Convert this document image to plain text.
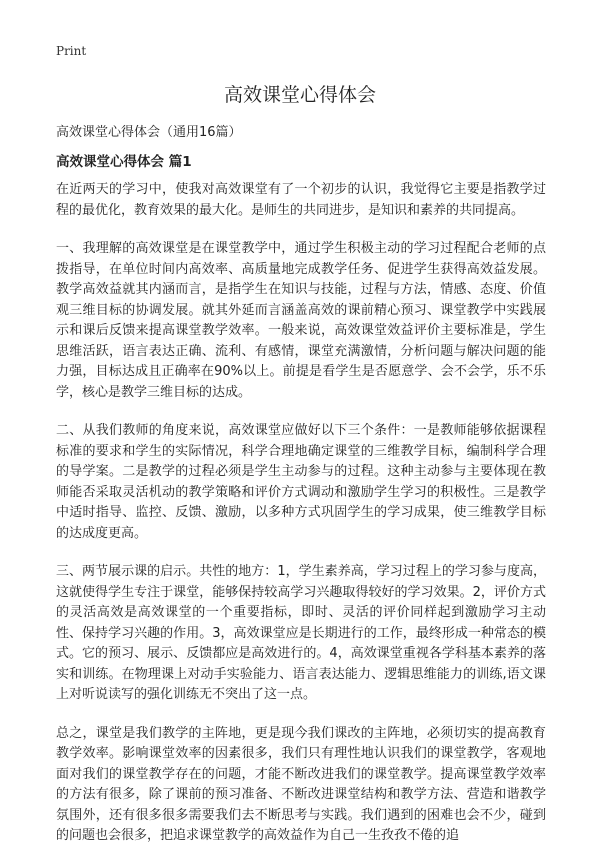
Print
高效课堂心得体会

高效课堂心得体会（通用16篇）

高效课堂心得体会 篇1

在近两天的学习中，使我对高效课堂有了一个初步的认识，我觉得它主要是指教学过程的最优化，教育效果的最大化。是师生的共同进步，是知识和素养的共同提高。

一、我理解的高效课堂是在课堂教学中，通过学生积极主动的学习过程配合老师的点拨指导，在单位时间内高效率、高质量地完成教学任务、促进学生获得高效益发展。教学高效益就其内涵而言，是指学生在知识与技能，过程与方法，情感、态度、价值观三维目标的协调发展。就其外延而言涵盖高效的课前精心预习、课堂教学中实践展示和课后反馈来提高课堂教学效率。一般来说，高效课堂效益评价主要标准是，学生思维活跃，语言表达正确、流利、有感情，课堂充满激情，分析问题与解决问题的能力强，目标达成且正确率在90%以上。前提是看学生是否愿意学、会不会学，乐不乐学，核心是教学三维目标的达成。

二、从我们教师的角度来说，高效课堂应做好以下三个条件：一是教师能够依据课程标准的要求和学生的实际情况，科学合理地确定课堂的三维教学目标，编制科学合理的导学案。二是教学的过程必须是学生主动参与的过程。这种主动参与主要体现在教师能否采取灵活机动的教学策略和评价方式调动和激励学生学习的积极性。三是教学中适时指导、监控、反馈、激励，以多种方式巩固学生的学习成果，使三维教学目标的达成度更高。

三、两节展示课的启示。共性的地方：1，学生素养高，学习过程上的学习参与度高，这就使得学生专注于课堂，能够保持较高学习兴趣取得较好的学习效果。2，评价方式的灵活高效是高效课堂的一个重要指标，即时、灵活的评价同样起到激励学习主动性、保持学习兴趣的作用。3，高效课堂应是长期进行的工作，最终形成一种常态的模式。它的预习、展示、反馈都应是高效进行的。4，高效课堂重视各学科基本素养的落实和训练。在物理课上对动手实验能力、语言表达能力、逻辑思维能力的训练,语文课上对听说读写的强化训练无不突出了这一点。

总之，课堂是我们教学的主阵地，更是现今我们课改的主阵地，必须切实的提高教育教学效率。影响课堂效率的因素很多，我们只有理性地认识我们的课堂教学，客观地面对我们的课堂教学存在的问题，才能不断改进我们的课堂教学。提高课堂教学效率的方法有很多，除了课前的预习准备、不断改进课堂结构和教学方法、营造和谐教学氛围外，还有很多很多需要我们去不断思考与实践。我们遇到的困难也会不少，碰到的问题也会很多，把追求课堂教学的高效益作为自己一生孜孜不倦的追
